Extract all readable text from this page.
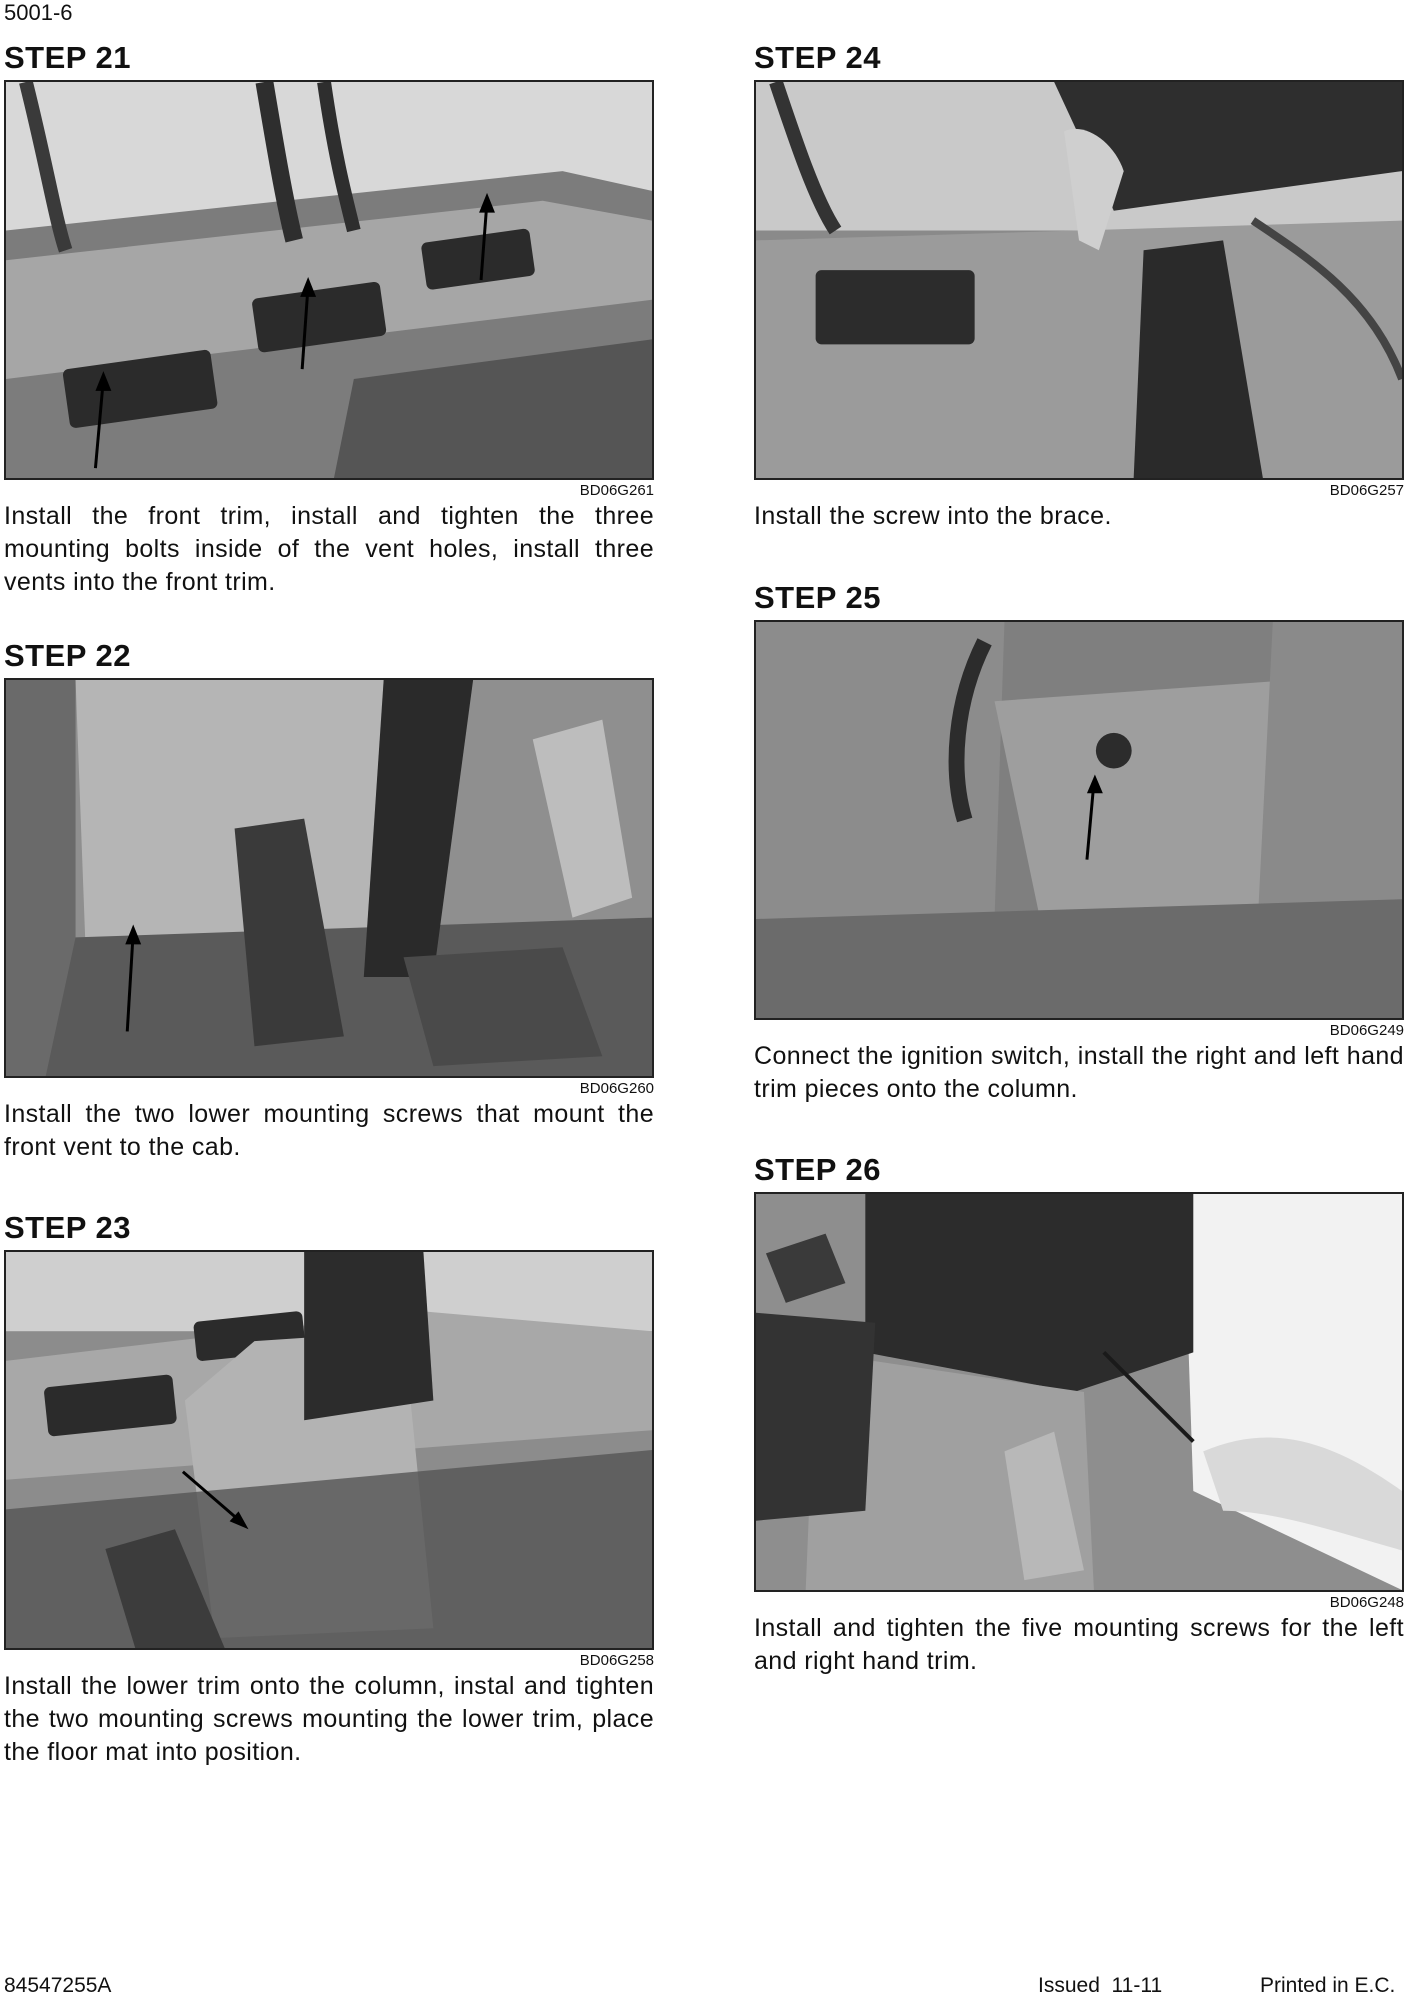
5001-6
STEP 21
BD06G261

Install the front trim, install and tighten the three mounting bolts inside of the vent holes, install three vents into the front trim.

STEP 22
BD06G260

Install the two lower mounting screws that mount the front vent to the cab.

STEP 23
BD06G258

Install the lower trim onto the column, instal and tighten the two mounting screws mounting the lower trim, place the floor mat into position.

STEP 24
BD06G257

Install the screw into the brace.

STEP 25
BD06G249

Connect the ignition switch, install the right and left hand trim pieces onto the column.

STEP 26
BD06G248

Install and tighten the five mounting screws for the left and right hand trim.

84547255A	Issued  11-11	Printed in E.C.
